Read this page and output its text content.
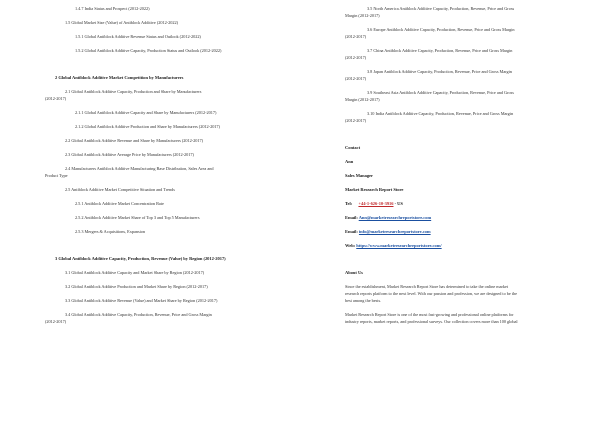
1.4.7 India Status and Prospect (2012-2022)
1.5 Global Market Size (Value) of Antiblock Additive (2012-2022)
1.5.1 Global Antiblock Additive Revenue Status and Outlook (2012-2022)
1.5.2 Global Antiblock Additive Capacity, Production Status and Outlook (2012-2022)
2 Global Antiblock Additive Market Competition by Manufacturers
2.1 Global Antiblock Additive Capacity, Production and Share by Manufacturers
(2012-2017)
2.1.1 Global Antiblock Additive Capacity and Share by Manufacturers (2012-2017)
2.1.2 Global Antiblock Additive Production and Share by Manufacturers (2012-2017)
2.2 Global Antiblock Additive Revenue and Share by Manufacturers (2012-2017)
2.3 Global Antiblock Additive Average Price by Manufacturers (2012-2017)
2.4 Manufacturers Antiblock Additive Manufacturing Base Distribution, Sales Area and
Product Type
2.5 Antiblock Additive Market Competitive Situation and Trends
2.5.1 Antiblock Additive Market Concentration Rate
2.5.2 Antiblock Additive Market Share of Top 3 and Top 5 Manufacturers
2.5.3 Mergers & Acquisitions, Expansion
3 Global Antiblock Additive Capacity, Production, Revenue (Value) by Region (2012-2017)
3.1 Global Antiblock Additive Capacity and Market Share by Region (2012-2017)
3.2 Global Antiblock Additive Production and Market Share by Region (2012-2017)
3.3 Global Antiblock Additive Revenue (Value) and Market Share by Region (2012-2017)
3.4 Global Antiblock Additive Capacity, Production, Revenue, Price and Gross Margin
(2012-2017)
3.5 North America Antiblock Additive Capacity, Production, Revenue, Price and Gross
Margin (2012-2017)
3.6 Europe Antiblock Additive Capacity, Production, Revenue, Price and Gross Margin
(2012-2017)
3.7 China Antiblock Additive Capacity, Production, Revenue, Price and Gross Margin
(2012-2017)
3.8 Japan Antiblock Additive Capacity, Production, Revenue, Price and Gross Margin
(2012-2017)
3.9 Southeast Asia Antiblock Additive Capacity, Production, Revenue, Price and Gross
Margin (2012-2017)
3.10 India Antiblock Additive Capacity, Production, Revenue, Price and Gross Margin
(2012-2017)
Contact
Ann
Sales Manager
Market Research Report Store
Tel: +44-1-626-10-3916 - US
Email: Ann@marketresearchreportstore.com
Email: info@marketresearchreportstore.com
Web: https://www.marketresearchreportstore.com/
About Us
Since the establishment, Market Research Report Store has determined to take the online market
research reports platform to the next level. With our passion and profession, we are designed to be the
best among the bests.
Market Research Report Store is one of the most fast-growing and professional online platforms for
industry reports, market reports, and professional surveys. Our collection covers more than 100 global
